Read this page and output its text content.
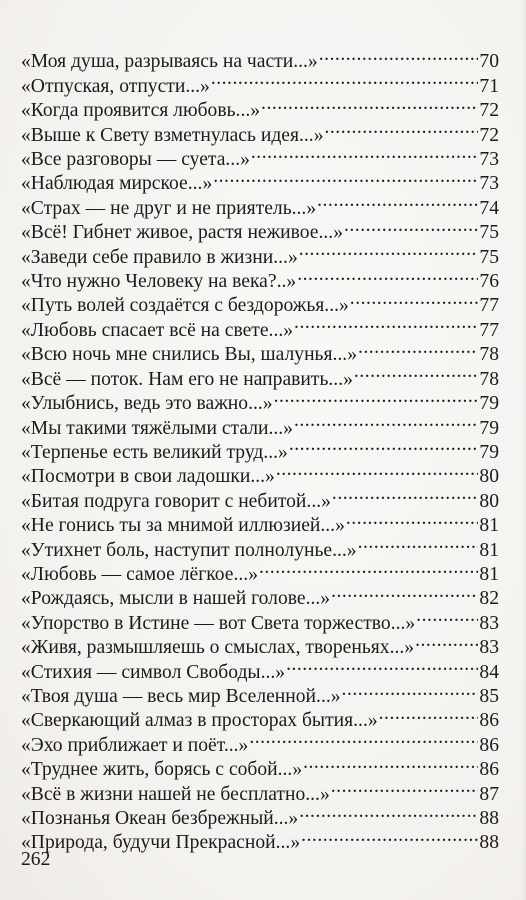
«Моя душа, разрываясь на части...» .....	70
«Отпуская, отпусти...» .....	71
«Когда проявится любовь...» .....	72
«Выше к Свету взметнулась идея...» .....	72
«Все разговоры — суета...» .....	73
«Наблюдая мирское...» .....	73
«Страх — не друг и не приятель...» .....	74
«Всё! Гибнет живое, растя неживое...» .....	75
«Заведи себе правило в жизни...» .....	75
«Что нужно Человеку на века?..» .....	76
«Путь волей создаётся с бездорожья...» .....	77
«Любовь спасает всё на свете...» .....	77
«Всю ночь мне снились Вы, шалунья...» .....	78
«Всё — поток. Нам его не направить...» .....	78
«Улыбнись, ведь это важно...» .....	79
«Мы такими тяжёлыми стали...» .....	79
«Терпенье есть великий труд...» .....	79
«Посмотри в свои ладошки...» .....	80
«Битая подруга говорит с небитой...» .....	80
«Не гонись ты за мнимой иллюзией...» .....	81
«Утихнет боль, наступит полнолунье...» .....	81
«Любовь — самое лёгкое...» .....	81
«Рождаясь, мысли в нашей голове...» .....	82
«Упорство в Истине — вот Света торжество...» .....	83
«Живя, размышляешь о смыслах, твореньях...» .....	83
«Стихия — символ Свободы...» .....	84
«Твоя душа — весь мир Вселенной...» .....	85
«Сверкающий алмаз в просторах бытия...» .....	86
«Эхо приближает и поёт...» .....	86
«Труднее жить, борясь с собой...» .....	86
«Всё в жизни нашей не бесплатно...» .....	87
«Познанья Океан безбрежный...» .....	88
«Природа, будучи Прекрасной...» .....	88
262
